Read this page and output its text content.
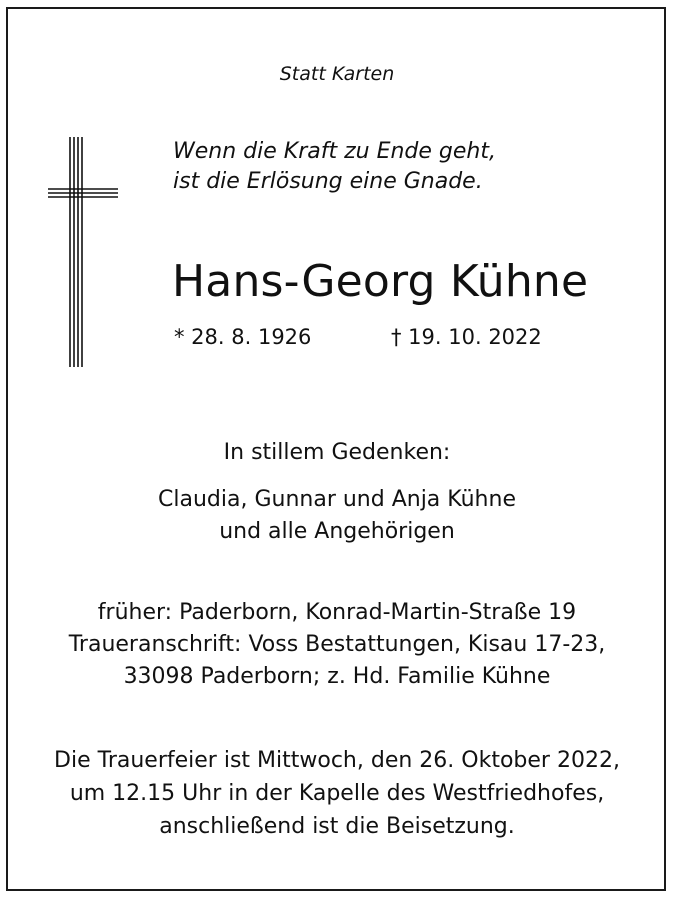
Statt Karten
Wenn die Kraft zu Ende geht,
ist die Erlösung eine Gnade.
Hans-Georg Kühne
* 28. 8. 1926	† 19. 10. 2022
In stillem Gedenken:
Claudia, Gunnar und Anja Kühne
und alle Angehörigen
früher: Paderborn, Konrad-Martin-Straße 19
Traueranschrift: Voss Bestattungen, Kisau 17-23,
33098 Paderborn; z. Hd. Familie Kühne
Die Trauerfeier ist Mittwoch, den 26. Oktober 2022,
um 12.15 Uhr in der Kapelle des Westfriedhofes,
anschließend ist die Beisetzung.
